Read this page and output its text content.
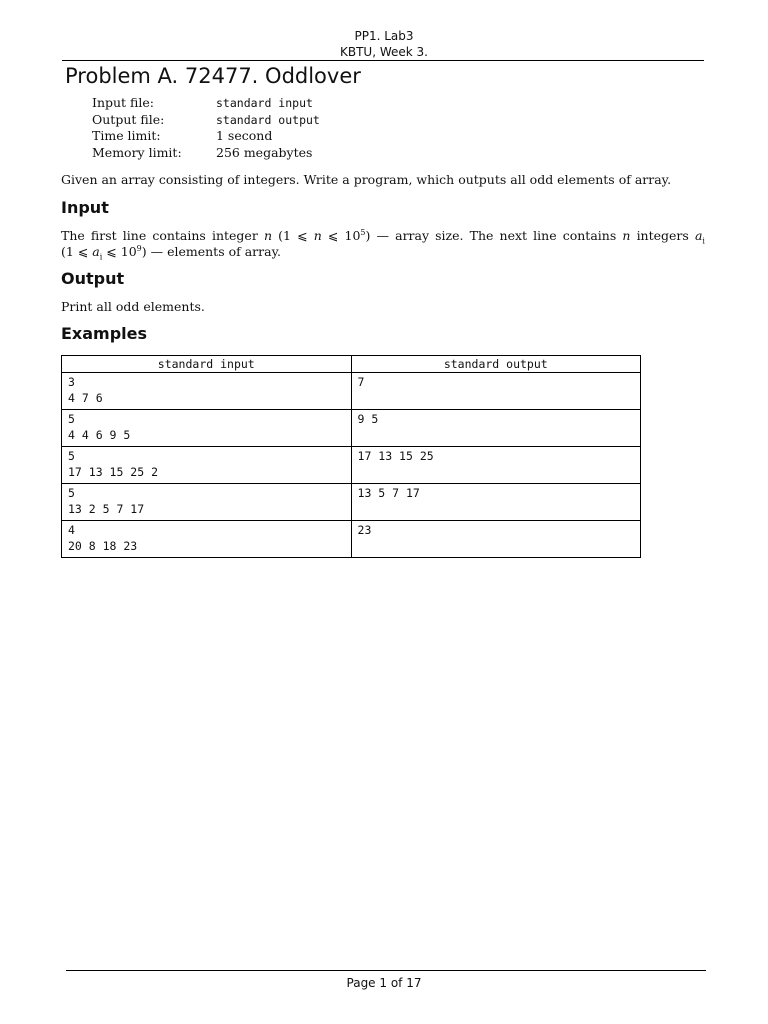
PP1. Lab3
KBTU, Week 3.
Problem A. 72477. Oddlover
Input file:	standard input
Output file:	standard output
Time limit:	1 second
Memory limit:	256 megabytes
Given an array consisting of integers. Write a program, which outputs all odd elements of array.
Input
The first line contains integer n (1 ⩽ n ⩽ $10^5$) — array size. The next line contains n integers $a_i$
(1 ⩽ $a_i$ ⩽ $10^9$) — elements of array.
Output
Print all odd elements.
Examples
standard input	standard output

3
4 7 6	7

5
4 4 6 9 5	9 5

5
17 13 15 25 2	17 13 15 25

5
13 2 5 7 17	13 5 7 17

4
20 8 18 23	23
Page 1 of 17
